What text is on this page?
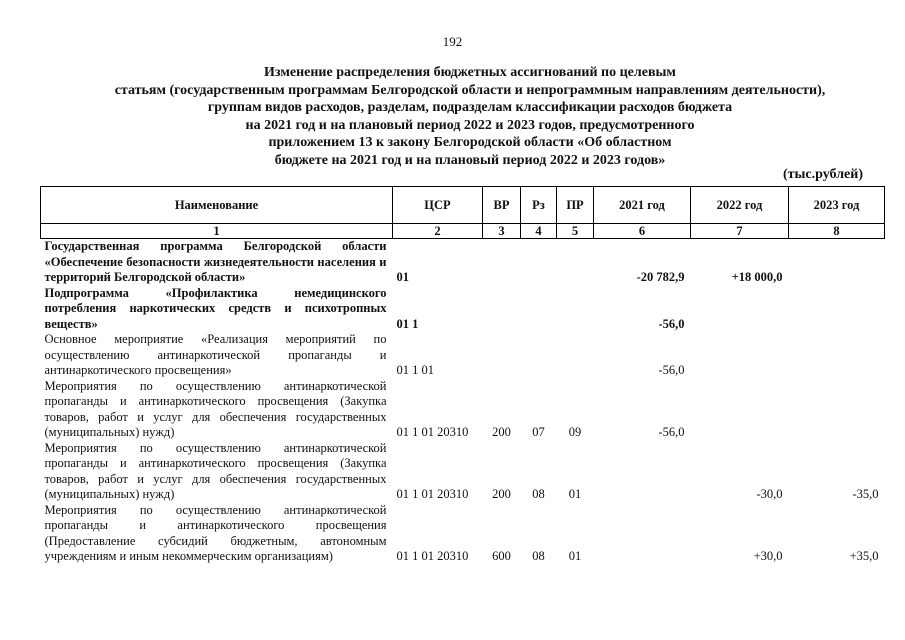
192
Изменение распределения бюджетных ассигнований по целевым
статьям (государственным программам Белгородской области и непрограммным направлениям деятельности),
группам видов расходов, разделам, подразделам классификации расходов бюджета
на 2021 год и на плановый период 2022 и 2023 годов, предусмотренного
приложением 13 к закону Белгородской области «Об областном
бюджете на 2021 год и на плановый период 2022 и 2023 годов»
(тыс.рублей)
Наименование	ЦСР	ВР	Рз	ПР	2021 год	2022 год	2023 год
1	2	3	4	5	6	7	8
Государственная программа Белгородской области «Обеспечение безопасности жизнедеятельности населения и территорий Белгородской области»	01				-20 782,9	+18 000,0	
Подпрограмма «Профилактика немедицинского потребления наркотических средств и психотропных веществ»	01 1				-56,0		
Основное мероприятие «Реализация мероприятий по осуществлению антинаркотической пропаганды и антинаркотического просвещения»	01 1 01				-56,0		
Мероприятия по осуществлению антинаркотической пропаганды и антинаркотического просвещения (Закупка товаров, работ и услуг для обеспечения государственных (муниципальных) нужд)	01 1 01 20310	200	07	09	-56,0		
Мероприятия по осуществлению антинаркотической пропаганды и антинаркотического просвещения (Закупка товаров, работ и услуг для обеспечения государственных (муниципальных) нужд)	01 1 01 20310	200	08	01		-30,0	-35,0
Мероприятия по осуществлению антинаркотической пропаганды и антинаркотического просвещения (Предоставление субсидий бюджетным, автономным учреждениям и иным некоммерческим организациям)	01 1 01 20310	600	08	01		+30,0	+35,0
